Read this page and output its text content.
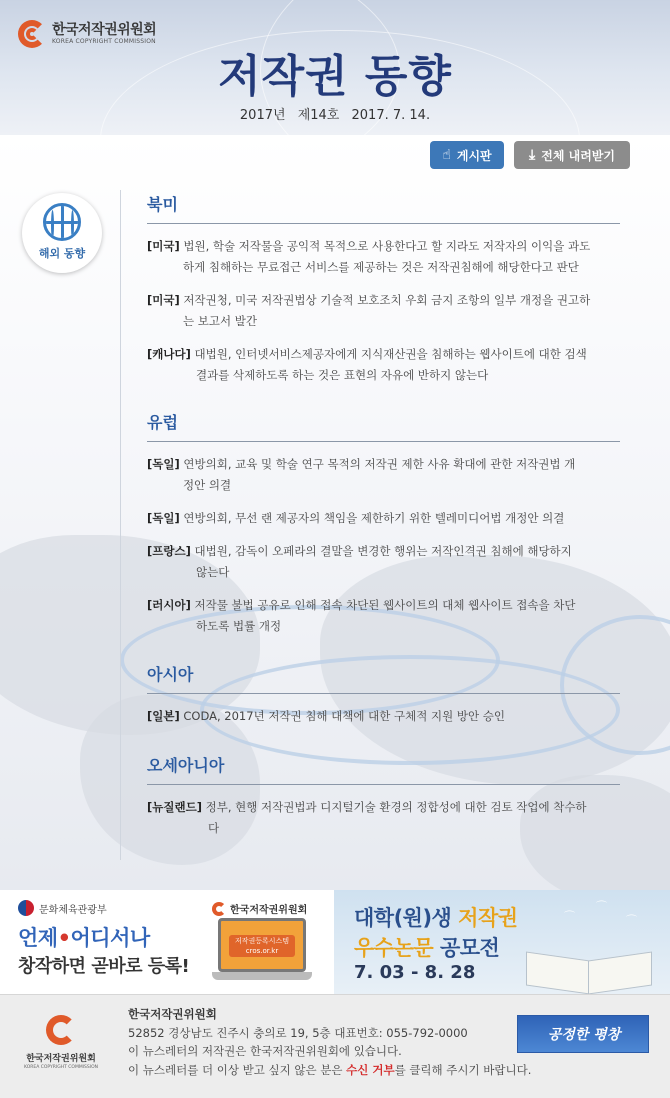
한국저작권위원회
KOREA COPYRIGHT COMMISSION
저작권 동향
2017년 제14호 2017. 7. 14.
☝ 게시판	⤓ 전체 내려받기
해외 동향
북미
[미국] 법원, 학술 저작물을 공익적 목적으로 사용한다고 할 지라도 저작자의 이익을 과도
하게 침해하는 무료접근 서비스를 제공하는 것은 저작권침해에 해당한다고 판단
[미국] 저작권청, 미국 저작권법상 기술적 보호조치 우회 금지 조항의 일부 개정을 권고하
는 보고서 발간
[캐나다] 대법원, 인터넷서비스제공자에게 지식재산권을 침해하는 웹사이트에 대한 검색
결과를 삭제하도록 하는 것은 표현의 자유에 반하지 않는다
유럽
[독일] 연방의회, 교육 및 학술 연구 목적의 저작권 제한 사유 확대에 관한 저작권법 개
정안 의결
[독일] 연방의회, 무선 랜 제공자의 책임을 제한하기 위한 텔레미디어법 개정안 의결
[프랑스] 대법원, 감독이 오페라의 결말을 변경한 행위는 저작인격권 침해에 해당하지
않는다
[러시아] 저작물 불법 공유로 인해 접속 차단된 웹사이트의 대체 웹사이트 접속을 차단
하도록 법률 개정
아시아
[일본] CODA, 2017년 저작권 침해 대책에 대한 구체적 지원 방안 승인
오세아니아
[뉴질랜드] 정부, 현행 저작권법과 디지털기술 환경의 정합성에 대한 검토 작업에 착수하
다
문화체육관광부
언제•어디서나
창작하면 곧바로 등록!
한국저작권위원회
저작권등록시스템
cros.or.kr
대학(원)생 저작권
우수논문 공모전
7. 03 - 8. 28
⌒
⌒
⌒
한국저작권위원회
KOREA COPYRIGHT COMMISSION
한국저작권위원회
52852 경상남도 진주시 충의로 19, 5층 대표번호: 055-792-0000
이 뉴스레터의 저작권은 한국저작권위원회에 있습니다.
이 뉴스레터를 더 이상 받고 싶지 않은 분은 수신 거부를 클릭해 주시기 바랍니다.
공정한 평창
